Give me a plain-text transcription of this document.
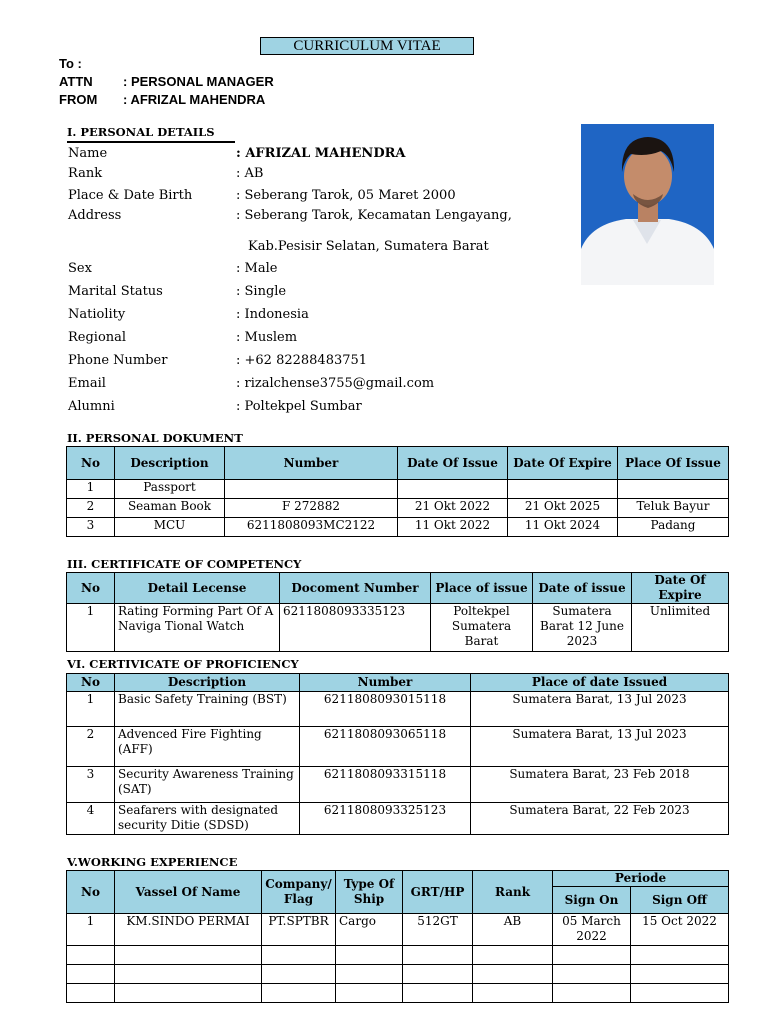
CURRICULUM VITAE
To :
ATTN : PERSONAL MANAGER
FROM : AFRIZAL MAHENDRA
I. PERSONAL DETAILS
Name	: AFRIZAL MAHENDRA
Rank	: AB
Place & Date Birth	: Seberang Tarok, 05 Maret 2000
Address	: Seberang Tarok, Kecamatan Lengayang,
Kab.Pesisir Selatan, Sumatera Barat
Sex	: Male
Marital Status	: Single
Natiolity	: Indonesia
Regional	: Muslem
Phone Number	: +62 82288483751
Email	: rizalchense3755@gmail.com
Alumni	: Poltekpel Sumbar
II. PERSONAL DOKUMENT
No	Description	Number	Date Of Issue	Date Of Expire	Place Of Issue
1	Passport				
2	Seaman Book	F 272882	21 Okt 2022	21 Okt 2025	Teluk Bayur
3	MCU	6211808093MC2122	11 Okt 2022	11 Okt 2024	Padang
III. CERTIFICATE OF COMPETENCY
No	Detail Lecense	Docoment Number	Place of issue	Date of issue	Date Of Expire
1	Rating Forming Part Of A Naviga Tional Watch	6211808093335123	Poltekpel Sumatera Barat	Sumatera Barat 12 June 2023	Unlimited
VI. CERTIVICATE OF PROFICIENCY
No	Description	Number	Place of date Issued
1	Basic Safety Training (BST)	6211808093015118	Sumatera Barat, 13 Jul 2023
2	Advenced Fire Fighting (AFF)	6211808093065118	Sumatera Barat, 13 Jul 2023
3	Security Awareness Training (SAT)	6211808093315118	Sumatera Barat, 23 Feb 2018
4	Seafarers with designated security Ditie (SDSD)	6211808093325123	Sumatera Barat, 22 Feb 2023
V.WORKING EXPERIENCE
No	Vassel Of Name	Company/ Flag	Type Of Ship	GRT/HP	Rank	Periode	
						Sign On	Sign Off
1	KM.SINDO PERMAI	PT.SPTBR	Cargo	512GT	AB	05 March 2022	15 Oct 2022
